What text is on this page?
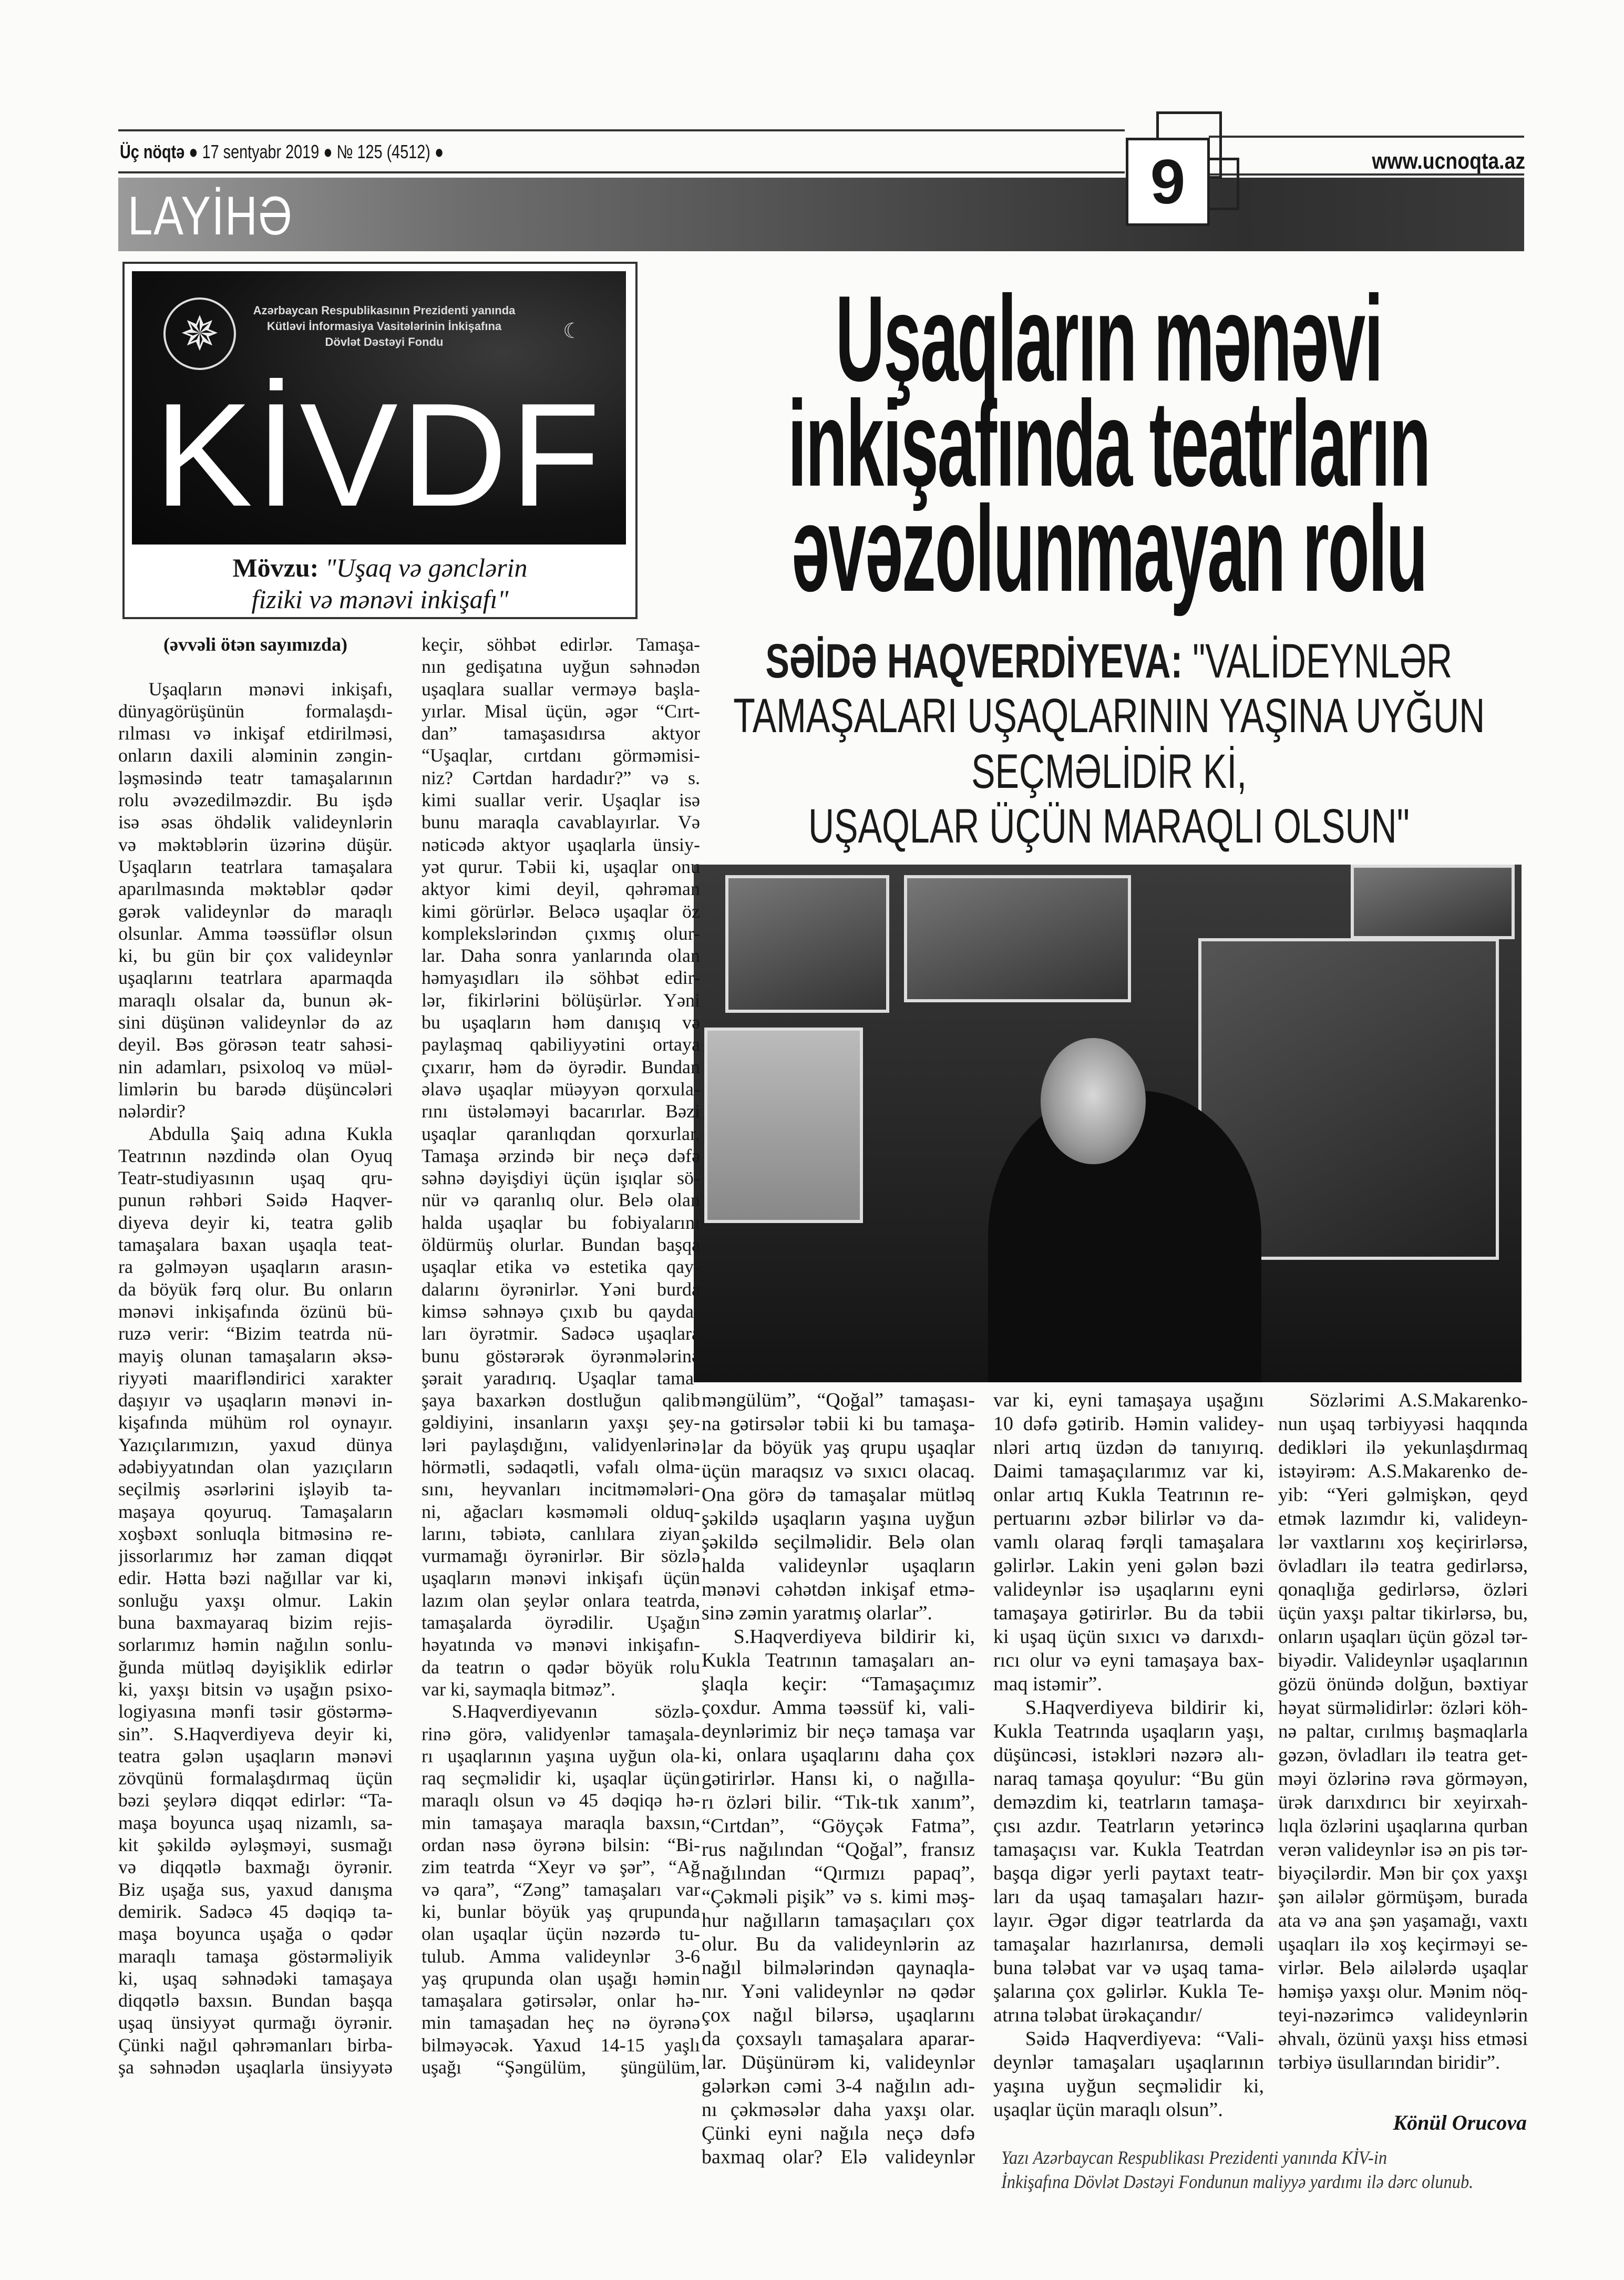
Üç nöqtə ● 17 sentyabr 2019 ● № 125 (4512) ●	www.ucnoqta.az
LAYİHƏ	9
✵	Azərbaycan Respublikasının Prezidenti yanında
Kütləvi İnformasiya Vasitələrinin İnkişafına
Dövlət Dəstəyi Fondu	☾
KİVDF
Mövzu: "Uşaq və gənclərin
fiziki və mənəvi inkişafı"
Uşaqların mənəvi
inkişafında teatrların
əvəzolunmayan rolu
SƏİDƏ HAQVERDİYEVA: "VALİDEYNLƏR
TAMAŞALARI UŞAQLARININ YAŞINA UYĞUN
SEÇMƏLİDİR Kİ,
UŞAQLAR ÜÇÜN MARAQLI OLSUN"
(əvvəli ötən sayımızda)
Uşaqların mənəvi inkişafı,
dünyagörüşünün formalaşdı-
rılması və inkişaf etdirilməsi,
onların daxili aləminin zəngin-
ləşməsində teatr tamaşalarının
rolu əvəzedilməzdir. Bu işdə
isə əsas öhdəlik valideynlərin
və məktəblərin üzərinə düşür.
Uşaqların teatrlara tamaşalara
aparılmasında məktəblər qədər
gərək valideynlər də maraqlı
olsunlar. Amma təəssüflər olsun
ki, bu gün bir çox valideynlər
uşaqlarını teatrlara aparmaqda
maraqlı olsalar da, bunun ək-
sini düşünən valideynlər də az
deyil. Bəs görəsən teatr sahəsi-
nin adamları, psixoloq və müəl-
limlərin bu barədə düşüncələri
nələrdir?
Abdulla Şaiq adına Kukla
Teatrının nəzdində olan Oyuq
Teatr-studiyasının uşaq qru-
punun rəhbəri Səidə Haqver-
diyeva deyir ki, teatra gəlib
tamaşalara baxan uşaqla teat-
ra gəlməyən uşaqların arasın-
da böyük fərq olur. Bu onların
mənəvi inkişafında özünü bü-
ruzə verir: “Bizim teatrda nü-
mayiş olunan tamaşaların əksə-
riyyəti maarifləndirici xarakter
daşıyır və uşaqların mənəvi in-
kişafında mühüm rol oynayır.
Yazıçılarımızın, yaxud dünya
ədəbiyyatından olan yazıçıların
seçilmiş əsərlərini işləyib ta-
maşaya qoyuruq. Tamaşaların
xoşbəxt sonluqla bitməsinə re-
jissorlarımız hər zaman diqqət
edir. Hətta bəzi nağıllar var ki,
sonluğu yaxşı olmur. Lakin
buna baxmayaraq bizim rejis-
sorlarımız həmin nağılın sonlu-
ğunda mütləq dəyişiklik edirlər
ki, yaxşı bitsin və uşağın psixo-
logiyasına mənfi təsir göstərmə-
sin”. S.Haqverdiyeva deyir ki,
teatra gələn uşaqların mənəvi
zövqünü formalaşdırmaq üçün
bəzi şeylərə diqqət edirlər: “Ta-
maşa boyunca uşaq nizamlı, sa-
kit şəkildə əyləşməyi, susmağı
və diqqətlə baxmağı öyrənir.
Biz uşağa sus, yaxud danışma
demirik. Sadəcə 45 dəqiqə ta-
maşa boyunca uşağa o qədər
maraqlı tamaşa göstərməliyik
ki, uşaq səhnədəki tamaşaya
diqqətlə baxsın. Bundan başqa
uşaq ünsiyyət qurmağı öyrənir.
Çünki nağıl qəhrəmanları birba-
şa səhnədən uşaqlarla ünsiyyətə
keçir, söhbət edirlər. Tamaşa-
nın gedişatına uyğun səhnədən
uşaqlara suallar verməyə başla-
yırlar. Misal üçün, əgər “Cırt-
dan” tamaşasıdırsa aktyor
“Uşaqlar, cırtdanı görməmisi-
niz? Cərtdan hardadır?” və s.
kimi suallar verir. Uşaqlar isə
bunu maraqla cavablayırlar. Və
nəticədə aktyor uşaqlarla ünsiy-
yət qurur. Təbii ki, uşaqlar onu
aktyor kimi deyil, qəhrəman
kimi görürlər. Beləcə uşaqlar öz
komplekslərindən çıxmış olur-
lar. Daha sonra yanlarında olan
həmyaşıdları ilə söhbət edir-
lər, fikirlərini bölüşürlər. Yəni
bu uşaqların həm danışıq və
paylaşmaq qabiliyyətini ortaya
çıxarır, həm də öyrədir. Bundan
əlavə uşaqlar müəyyən qorxula-
rını üstələməyi bacarırlar. Bəzi
uşaqlar qaranlıqdan qorxurlar.
Tamaşa ərzində bir neçə dəfə
səhnə dəyişdiyi üçün işıqlar sö-
nür və qaranlıq olur. Belə olan
halda uşaqlar bu fobiyalarını
öldürmüş olurlar. Bundan başqa
uşaqlar etika və estetika qay-
dalarını öyrənirlər. Yəni burda
kimsə səhnəyə çıxıb bu qayda-
ları öyrətmir. Sadəcə uşaqlara
bunu göstərərək öyrənmələrinə
şərait yaradırıq. Uşaqlar tama-
şaya baxarkən dostluğun qalib
gəldiyini, insanların yaxşı şey-
ləri paylaşdığını, validyenlərinə
hörmətli, sədaqətli, vəfalı olma-
sını, heyvanları incitməmələri-
ni, ağacları kəsməməli olduq-
larını, təbiətə, canlılara ziyan
vurmamağı öyrənirlər. Bir sözlə
uşaqların mənəvi inkişafı üçün
lazım olan şeylər onlara teatrda,
tamaşalarda öyrədilir. Uşağın
həyatında və mənəvi inkişafın-
da teatrın o qədər böyük rolu
var ki, saymaqla bitməz”.
S.Haqverdiyevanın sözlə-
rinə görə, validyenlər tamaşala-
rı uşaqlarının yaşına uyğun ola-
raq seçməlidir ki, uşaqlar üçün
maraqlı olsun və 45 dəqiqə hə-
min tamaşaya maraqla baxsın,
ordan nəsə öyrənə bilsin: “Bi-
zim teatrda “Xeyr və şər”, “Ağ
və qara”, “Zəng” tamaşaları var
ki, bunlar böyük yaş qrupunda
olan uşaqlar üçün nəzərdə tu-
tulub. Amma valideynlər 3-6
yaş qrupunda olan uşağı həmin
tamaşalara gətirsələr, onlar hə-
min tamaşadan heç nə öyrənə
bilməyəcək. Yaxud 14-15 yaşlı
uşağı “Şəngülüm, şüngülüm,
məngülüm”, “Qoğal” tamaşası-
na gətirsələr təbii ki bu tamaşa-
lar da böyük yaş qrupu uşaqlar
üçün maraqsız və sıxıcı olacaq.
Ona görə də tamaşalar mütləq
şəkildə uşaqların yaşına uyğun
şəkildə seçilməlidir. Belə olan
halda valideynlər uşaqların
mənəvi cəhətdən inkişaf etmə-
sinə zəmin yaratmış olarlar”.
S.Haqverdiyeva bildirir ki,
Kukla Teatrının tamaşaları an-
şlaqla keçir: “Tamaşaçımız
çoxdur. Amma təəssüf ki, vali-
deynlərimiz bir neçə tamaşa var
ki, onlara uşaqlarını daha çox
gətirirlər. Hansı ki, o nağılla-
rı özləri bilir. “Tık-tık xanım”,
“Cırtdan”, “Göyçək Fatma”,
rus nağılından “Qoğal”, fransız
nağılından “Qırmızı papaq”,
“Çəkməli pişik” və s. kimi məş-
hur nağılların tamaşaçıları çox
olur. Bu da valideynlərin az
nağıl bilmələrindən qaynaqla-
nır. Yəni valideynlər nə qədər
çox nağıl bilərsə, uşaqlarını
da çoxsaylı tamaşalara aparar-
lar. Düşünürəm ki, valideynlər
gələrkən cəmi 3-4 nağılın adı-
nı çəkməsələr daha yaxşı olar.
Çünki eyni nağıla neçə dəfə
baxmaq olar? Elə valideynlər
var ki, eyni tamaşaya uşağını
10 dəfə gətirib. Həmin validey-
nləri artıq üzdən də tanıyırıq.
Daimi tamaşaçılarımız var ki,
onlar artıq Kukla Teatrının re-
pertuarını əzbər bilirlər və da-
vamlı olaraq fərqli tamaşalara
gəlirlər. Lakin yeni gələn bəzi
valideynlər isə uşaqlarını eyni
tamaşaya gətirirlər. Bu da təbii
ki uşaq üçün sıxıcı və darıxdı-
rıcı olur və eyni tamaşaya bax-
maq istəmir”.
S.Haqverdiyeva bildirir ki,
Kukla Teatrında uşaqların yaşı,
düşüncəsi, istəkləri nəzərə alı-
naraq tamaşa qoyulur: “Bu gün
deməzdim ki, teatrların tamaşa-
çısı azdır. Teatrların yetərincə
tamaşaçısı var. Kukla Teatrdan
başqa digər yerli paytaxt teatr-
ları da uşaq tamaşaları hazır-
layır. Əgər digər teatrlarda da
tamaşalar hazırlanırsa, deməli
buna tələbat var və uşaq tama-
şalarına çox gəlirlər. Kukla Te-
atrına tələbat ürəkaçandır/
Səidə Haqverdiyeva: “Vali-
deynlər tamaşaları uşaqlarının
yaşına uyğun seçməlidir ki,
uşaqlar üçün maraqlı olsun”.
Sözlərimi A.S.Makarenko-
nun uşaq tərbiyyəsi haqqında
dedikləri ilə yekunlaşdırmaq
istəyirəm: A.S.Makarenko de-
yib: “Yeri gəlmişkən, qeyd
etmək lazımdır ki, valideyn-
lər vaxtlarını xoş keçirirlərsə,
övladları ilə teatra gedirlərsə,
qonaqlığa gedirlərsə, özləri
üçün yaxşı paltar tikirlərsə, bu,
onların uşaqları üçün gözəl tər-
biyədir. Valideynlər uşaqlarının
gözü önündə dolğun, bəxtiyar
həyat sürməlidirlər: özləri köh-
nə paltar, cırılmış başmaqlarla
gəzən, övladları ilə teatra get-
məyi özlərinə rəva görməyən,
ürək darıxdırıcı bir xeyirxah-
lıqla özlərini uşaqlarına qurban
verən valideynlər isə ən pis tər-
biyəçilərdir. Mən bir çox yaxşı
şən ailələr görmüşəm, burada
ata və ana şən yaşamağı, vaxtı
uşaqları ilə xoş keçirməyi se-
virlər. Belə ailələrdə uşaqlar
həmişə yaxşı olur. Mənim nöq-
teyi-nəzərimcə valideynlərin
əhvalı, özünü yaxşı hiss etməsi
tərbiyə üsullarından biridir”.
Könül Orucova
Yazı Azərbaycan Respublikası Prezidenti yanında KİV-in
İnkişafına Dövlət Dəstəyi Fondunun maliyyə yardımı ilə dərc olunub.
